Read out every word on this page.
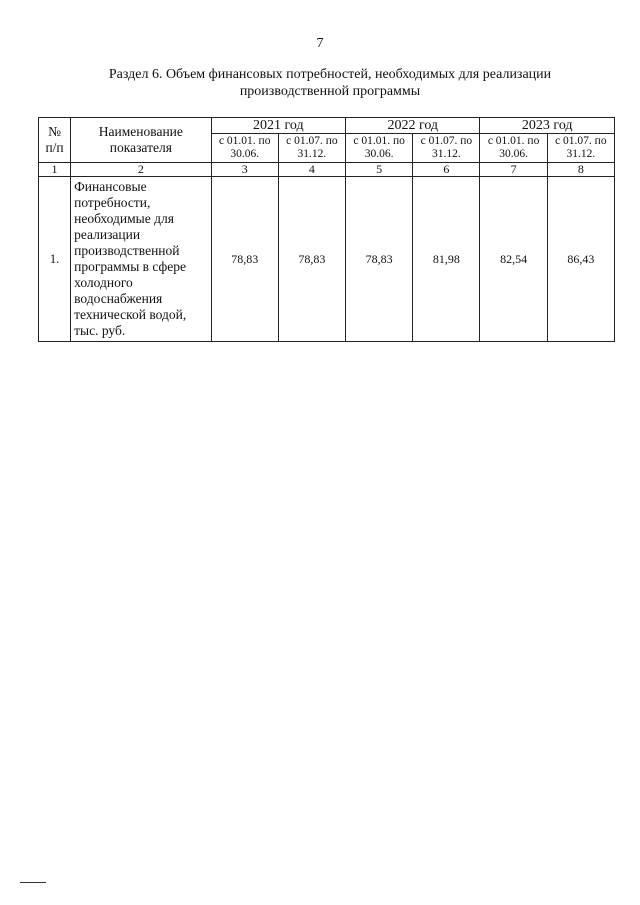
7
Раздел 6. Объем финансовых потребностей, необходимых для реализации
производственной программы
№ п/п	Наименование показателя	2021 год		2022 год		2023 год	
		с 01.01. по 30.06.	с 01.07. по 31.12.	с 01.01. по 30.06.	с 01.07. по 31.12.	с 01.01. по 30.06.	с 01.07. по 31.12.
1	2	3	4	5	6	7	8
1.	Финансовые потребности, необходимые для реализации производственной программы в сфере холодного водоснабжения технической водой, тыс. руб.	78,83	78,83	78,83	81,98	82,54	86,43
